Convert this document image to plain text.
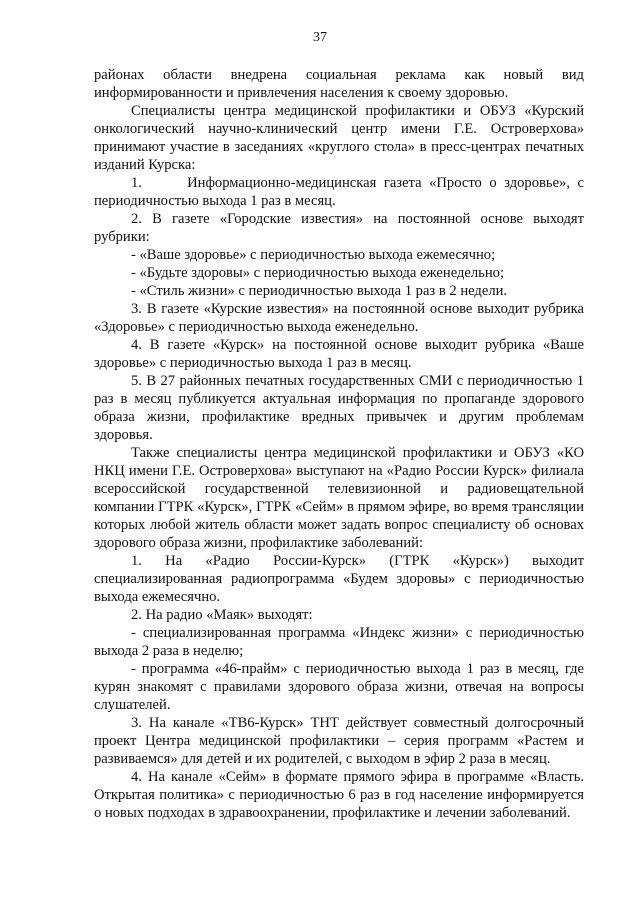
37

районах области внедрена социальная реклама как новый вид информированности и привлечения населения к своему здоровью.

Специалисты центра медицинской профилактики и ОБУЗ «Курский онкологический научно-клинический центр имени Г.Е. Островерхова» принимают участие в заседаниях «круглого стола» в пресс-центрах печатных изданий Курска:

1.      Информационно-медицинская газета «Просто о здоровье», с периодичностью выхода 1 раз в месяц.

2. В газете «Городские известия» на постоянной основе выходят рубрики:

- «Ваше здоровье» с периодичностью выхода ежемесячно;

- «Будьте здоровы» с периодичностью выхода еженедельно;

- «Стиль жизни» с периодичностью выхода 1 раз в 2 недели.

3. В газете «Курские известия» на постоянной основе выходит рубрика «Здоровье» с периодичностью выхода еженедельно.

4. В газете «Курск» на постоянной основе выходит рубрика «Ваше здоровье» с периодичностью выхода 1 раз в месяц.

5. В 27 районных печатных государственных СМИ с периодичностью 1 раз в месяц публикуется актуальная информация по пропаганде здорового образа жизни, профилактике вредных привычек и другим проблемам здоровья.

Также специалисты центра медицинской профилактики и ОБУЗ «КО НКЦ имени Г.Е. Островерхова» выступают на «Радио России Курск» филиала всероссийской государственной телевизионной и радиовещательной компании ГТРК «Курск», ГТРК «Сейм» в прямом эфире, во время трансляции которых любой житель области может задать вопрос специалисту об основах здорового образа жизни, профилактике заболеваний:

1. На «Радио России-Курск» (ГТРК «Курск») выходит специализированная радиопрограмма «Будем здоровы» с периодичностью выхода ежемесячно.

2. На радио «Маяк» выходят:

- специализированная программа «Индекс жизни» с периодичностью выхода 2 раза в неделю;

- программа «46-прайм» с периодичностью выхода 1 раз в месяц, где курян знакомят с правилами здорового образа жизни, отвечая на вопросы слушателей.

3. На канале «ТВ6-Курск» ТНТ действует совместный долгосрочный проект Центра медицинской профилактики – серия программ «Растем и развиваемся» для детей и их родителей, с выходом в эфир 2 раза в месяц.

4. На канале «Сейм» в формате прямого эфира в программе «Власть. Открытая политика» с периодичностью 6 раз в год население информируется о новых подходах в здравоохранении, профилактике и лечении заболеваний.
